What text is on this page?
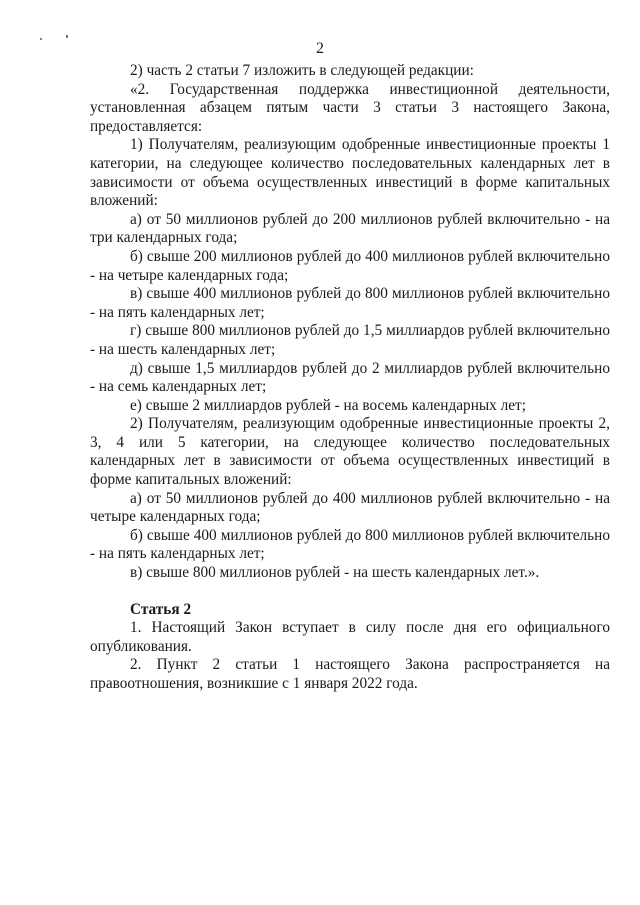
2

2) часть 2 статьи 7 изложить в следующей редакции:

«2. Государственная поддержка инвестиционной деятельности, установленная абзацем пятым части 3 статьи 3 настоящего Закона, предоставляется:

1) Получателям, реализующим одобренные инвестиционные проекты 1 категории, на следующее количество последовательных календарных лет в зависимости от объема осуществленных инвестиций в форме капитальных вложений:

а) от 50 миллионов рублей до 200 миллионов рублей включительно - на три календарных года;

б) свыше 200 миллионов рублей до 400 миллионов рублей включительно - на четыре календарных года;

в) свыше 400 миллионов рублей до 800 миллионов рублей включительно - на пять календарных лет;

г) свыше 800 миллионов рублей до 1,5 миллиардов рублей включительно - на шесть календарных лет;

д) свыше 1,5 миллиардов рублей до 2 миллиардов рублей включительно - на семь календарных лет;

е) свыше 2 миллиардов рублей - на восемь календарных лет;

2) Получателям, реализующим одобренные инвестиционные проекты 2, 3, 4 или 5 категории, на следующее количество последовательных календарных лет в зависимости от объема осуществленных инвестиций в форме капитальных вложений:

а) от 50 миллионов рублей до 400 миллионов рублей включительно - на четыре календарных года;

б) свыше 400 миллионов рублей до 800 миллионов рублей включительно - на пять календарных лет;

в) свыше 800 миллионов рублей - на шесть календарных лет.».

Статья 2

1. Настоящий Закон вступает в силу после дня его официального опубликования.

2. Пункт 2 статьи 1 настоящего Закона распространяется на правоотношения, возникшие с 1 января 2022 года.
